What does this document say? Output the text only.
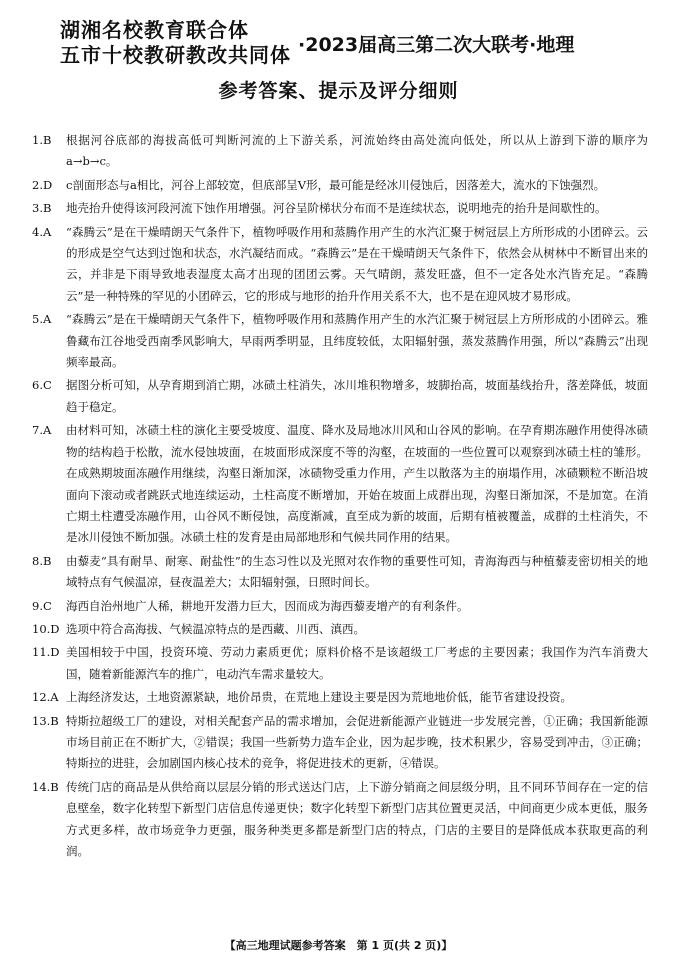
湖湘名校教育联合体
五市十校教研教改共同体 ·2023届高三第二次大联考·地理
参考答案、提示及评分细则
1.B	根据河谷底部的海拔高低可判断河流的上下游关系，河流始终由高处流向低处，所以从上游到下游的顺序为 a→b→c。
2.D	c剖面形态与a相比，河谷上部较宽，但底部呈V形，最可能是经冰川侵蚀后，因落差大，流水的下蚀强烈。
3.B	地壳抬升使得该河段河流下蚀作用增强。河谷呈阶梯状分布而不是连续状态，说明地壳的抬升是间歇性的。
4.A	“森腾云”是在干燥晴朗天气条件下，植物呼吸作用和蒸腾作用产生的水汽汇聚于树冠层上方所形成的小团碎云。云的形成是空气达到过饱和状态，水汽凝结而成。“森腾云”是在干燥晴朗天气条件下，依然会从树林中不断冒出来的云，并非是下雨导致地表湿度太高才出现的团团云雾。天气晴朗，蒸发旺盛，但不一定各处水汽皆充足。“森腾云”是一种特殊的罕见的小团碎云，它的形成与地形的抬升作用关系不大，也不是在迎风坡才易形成。
5.A	“森腾云”是在干燥晴朗天气条件下，植物呼吸作用和蒸腾作用产生的水汽汇聚于树冠层上方所形成的小团碎云。雅鲁藏布江谷地受西南季风影响大，早雨两季明显，且纬度较低，太阳辐射强，蒸发蒸腾作用强，所以“森腾云”出现频率最高。
6.C	据图分析可知，从孕育期到消亡期，冰碛土柱消失，冰川堆积物增多，坡脚抬高，坡面基线抬升，落差降低，坡面趋于稳定。
7.A	由材料可知，冰碛土柱的演化主要受坡度、温度、降水及局地冰川风和山谷风的影响。在孕育期冻融作用使得冰碛物的结构趋于松散，流水侵蚀坡面，在坡面形成深度不等的沟壑，在坡面的一些位置可以观察到冰碛土柱的雏形。在成熟期坡面冻融作用继续，沟壑日渐加深，冰碛物受重力作用，产生以散落为主的崩塌作用，冰碛颗粒不断沿坡面向下滚动或者跳跃式地连续运动，土柱高度不断增加，开始在坡面上成群出现，沟壑日渐加深，不是加宽。在消亡期土柱遭受冻融作用，山谷风不断侵蚀，高度渐减，直至成为新的坡面，后期有植被覆盖，成群的土柱消失，不是冰川侵蚀不断加强。冰碛土柱的发育是由局部地形和气候共同作用的结果。
8.B	由藜麦“具有耐旱、耐寒、耐盐性”的生态习性以及光照对农作物的重要性可知，青海海西与种植藜麦密切相关的地域特点有气候温凉，昼夜温差大；太阳辐射强，日照时间长。
9.C	海西自治州地广人稀，耕地开发潜力巨大，因而成为海西藜麦增产的有利条件。
10.D 选项中符合高海拔、气候温凉特点的是西藏、川西、滇西。
11.D 美国相较于中国，投资环境、劳动力素质更优；原料价格不是该超级工厂考虑的主要因素；我国作为汽车消费大国，随着新能源汽车的推广，电动汽车需求量较大。
12.A 上海经济发达，土地资源紧缺，地价昂贵，在荒地上建设主要是因为荒地地价低，能节省建设投资。
13.B 特斯拉超级工厂的建设，对相关配套产品的需求增加，会促进新能源产业链进一步发展完善，①正确；我国新能源市场目前正在不断扩大，②错误；我国一些新势力造车企业，因为起步晚，技术积累少，容易受到冲击，③正确；特斯拉的进驻，会加剧国内核心技术的竞争，将促进技术的更新，④错误。
14.B 传统门店的商品是从供给商以层层分销的形式送达门店，上下游分销商之间层级分明，且不同环节间存在一定的信息壁垒，数字化转型下新型门店信息传递更快；数字化转型下新型门店其位置更灵活，中间商更少成本更低，服务方式更多样，故市场竞争力更强，服务种类更多都是新型门店的特点，门店的主要目的是降低成本获取更高的利润。
【高三地理试题参考答案　第 1 页(共 2 页)】
